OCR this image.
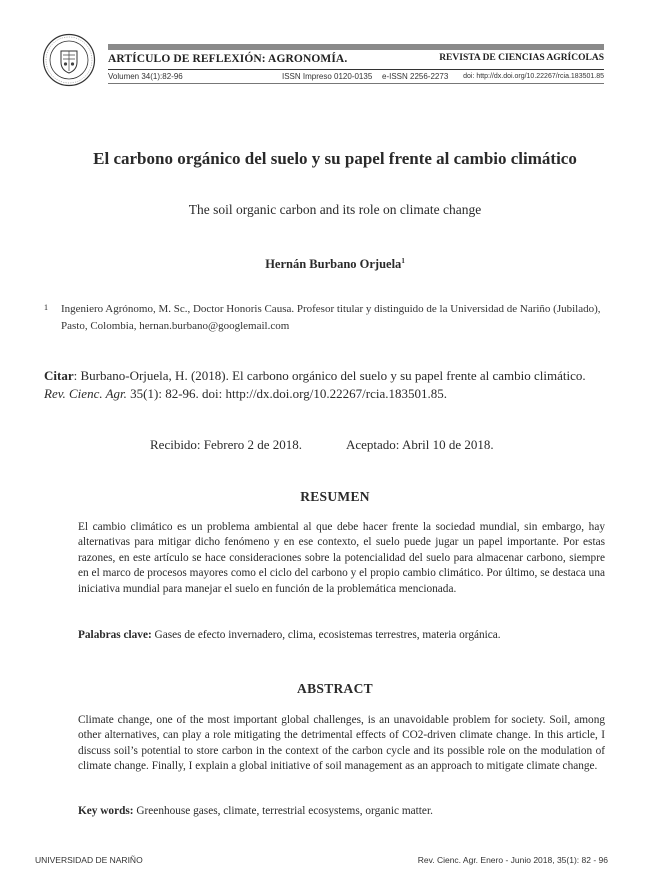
ARTÍCULO DE REFLEXIÓN: AGRONOMÍA.	REVISTA DE CIENCIAS AGRÍCOLAS
Volumen 34(1):82-96	ISSN Impreso 0120-0135 e-ISSN 2256-2273 doi: http://dx.doi.org/10.22267/rcia.183501.85
El carbono orgánico del suelo y su papel frente al cambio climático
The soil organic carbon and its role on climate change
Hernán Burbano Orjuela$^1$
1 Ingeniero Agrónomo, M. Sc., Doctor Honoris Causa. Profesor titular y distinguido de la Universidad de Nariño (Jubilado), Pasto, Colombia, hernan.burbano@googlemail.com
Citar: Burbano-Orjuela, H. (2018). El carbono orgánico del suelo y su papel frente al cambio climático. Rev. Cienc. Agr. 35(1): 82-96. doi: http://dx.doi.org/10.22267/rcia.183501.85.
Recibido: Febrero 2 de 2018.	Aceptado: Abril 10 de 2018.
RESUMEN
El cambio climático es un problema ambiental al que debe hacer frente la sociedad mundial, sin embargo, hay alternativas para mitigar dicho fenómeno y en ese contexto, el suelo puede jugar un papel importante. Por estas razones, en este artículo se hace consideraciones sobre la potencialidad del suelo para almacenar carbono, siempre en el marco de procesos mayores como el ciclo del carbono y el propio cambio climático. Por último, se destaca una iniciativa mundial para manejar el suelo en función de la problemática mencionada.
Palabras clave: Gases de efecto invernadero, clima, ecosistemas terrestres, materia orgánica.
ABSTRACT
Climate change, one of the most important global challenges, is an unavoidable problem for society. Soil, among other alternatives, can play a role mitigating the detrimental effects of CO2-driven climate change. In this article, I discuss soil’s potential to store carbon in the context of the carbon cycle and its possible role on the modulation of climate change. Finally, I explain a global initiative of soil management as an approach to mitigate climate change.
Key words: Greenhouse gases, climate, terrestrial ecosystems, organic matter.
UNIVERSIDAD DE NARIÑO	Rev. Cienc. Agr. Enero - Junio 2018, 35(1): 82 - 96
